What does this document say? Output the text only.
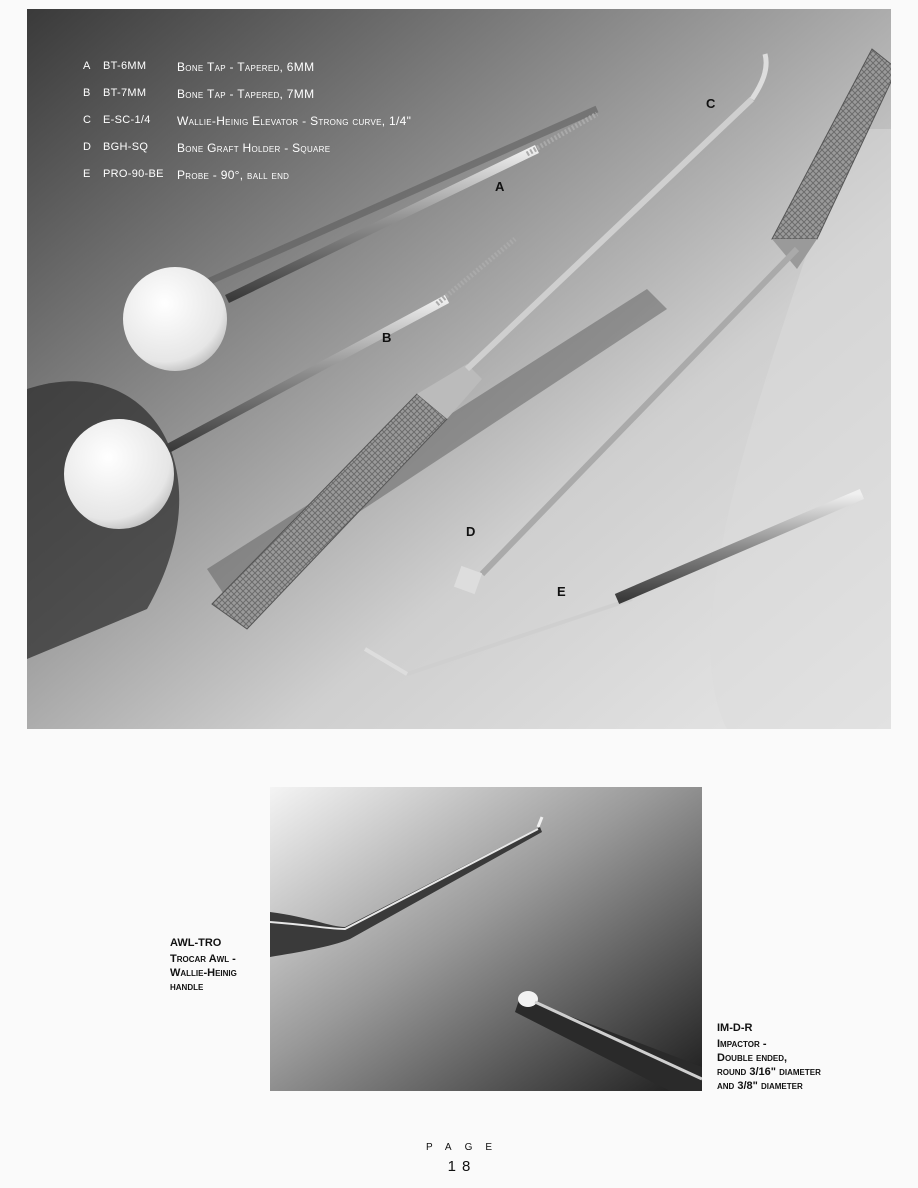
A BT-6MM	Bone Tap - Tapered, 6MM
B BT-7MM	Bone Tap - Tapered, 7MM
C E-SC-1/4 Wallie-Heinig Elevator - Strong curve, 1/4"
D BGH-SQ Bone Graft Holder - Square
E PRO-90-BE Probe - 90°, ball end
A
B
C
D
E
AWL-TRO
Trocar Awl -
Wallie-Heinig
handle
IM-D-R
Impactor -
Double ended,
round 3/16" diameter
and 3/8" diameter
PAGE
18
